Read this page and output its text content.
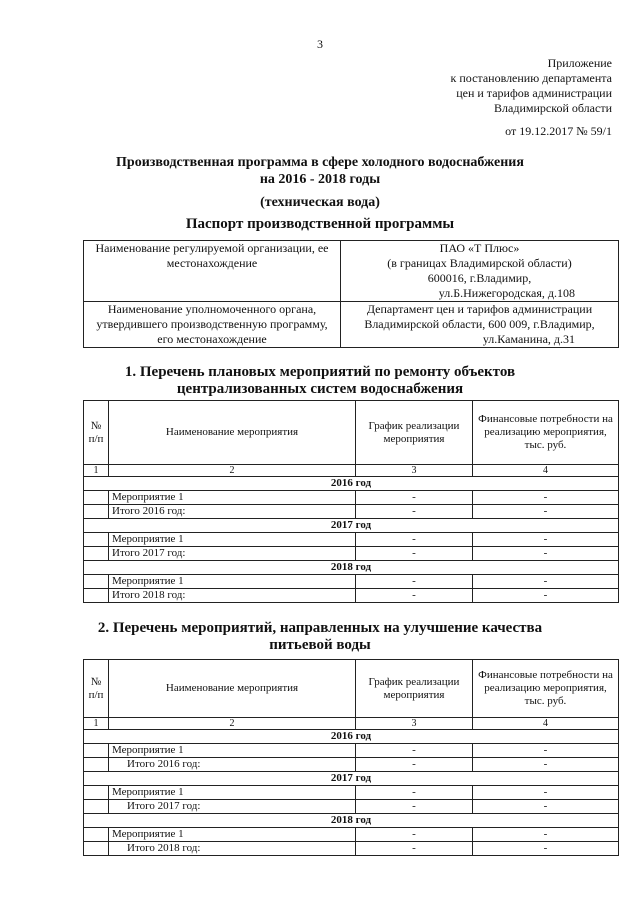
3
Приложение
к постановлению департамента
цен и тарифов администрации
Владимирской области
от 19.12.2017 № 59/1
Производственная программа в сфере холодного водоснабжения
на 2016 - 2018 годы
(техническая вода)
Паспорт производственной программы
Наименование регулируемой организации, ее местонахождение	ПАО «Т Плюс»
(в границах Владимирской области)
600016, г.Владимир,
ул.Б.Нижегородская, д.108

Наименование уполномоченного органа, утвердившего производственную программу, его местонахождение	Департамент цен и тарифов администрации
Владимирской области, 600 009, г.Владимир,
ул.Каманина, д.31
1. Перечень плановых мероприятий по ремонту объектов
централизованных систем водоснабжения
№ п/п	Наименование мероприятия	График реализации мероприятия	Финансовые потребности на реализацию мероприятия, тыс. руб.
1	2	3	4
2016 год			
	Мероприятие 1	-	-
	Итого 2016 год:	-	-
2017 год			
	Мероприятие 1	-	-
	Итого 2017 год:	-	-
2018 год			
	Мероприятие 1	-	-
	Итого 2018 год:	-	-
2. Перечень мероприятий, направленных на улучшение качества
питьевой воды
№ п/п	Наименование мероприятия	График реализации мероприятия	Финансовые потребности на реализацию мероприятия, тыс. руб.
1	2	3	4
2016 год			
	Мероприятие 1	-	-
	Итого 2016 год:	-	-
2017 год			
	Мероприятие 1	-	-
	Итого 2017 год:	-	-
2018 год			
	Мероприятие 1	-	-
	Итого 2018 год:	-	-
